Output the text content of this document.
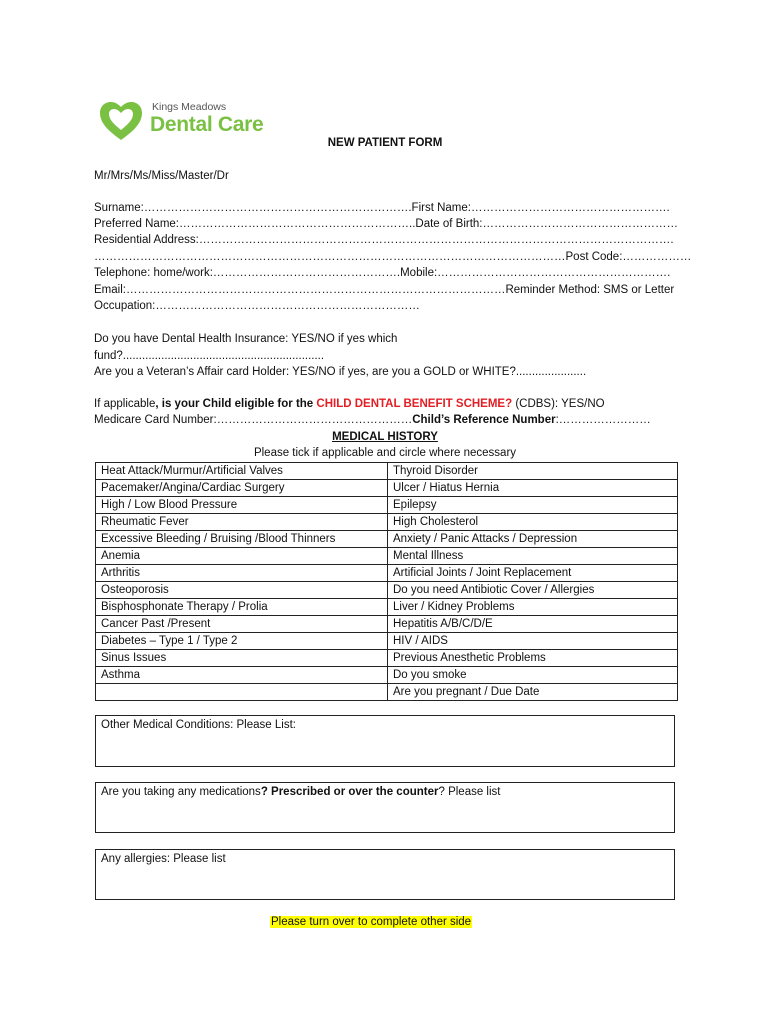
Kings Meadows
Dental Care
NEW PATIENT FORM
Mr/Mrs/Ms/Miss/Master/Dr
Surname:…………………………………………………………….First Name:…………………………………………….
Preferred Name:……………………………………………………..Date of Birth:……………………………………………
Residential Address:…………………………………………………………………………………………………………….
……………………………………………………………………………………………………………Post Code:………………
Telephone: home/work:………………………………………….Mobile:…………………………………………………….
Email:………………………………………………………………………………………Reminder Method: SMS or Letter
Occupation:……………………………………………………………
Do you have Dental Health Insurance: YES/NO if yes which
fund?...............................................................
Are you a Veteran’s Affair card Holder: YES/NO if yes, are you a GOLD or WHITE?......................
If applicable, is your Child eligible for the CHILD DENTAL BENEFIT SCHEME? (CDBS): YES/NO
Medicare Card Number:……………………………………………Child’s Reference Number:……………………
MEDICAL HISTORY
Please tick if applicable and circle where necessary
Heat Attack/Murmur/Artificial Valves	Thyroid Disorder
Pacemaker/Angina/Cardiac Surgery	Ulcer / Hiatus Hernia
High / Low Blood Pressure	Epilepsy
Rheumatic Fever	High Cholesterol
Excessive Bleeding / Bruising /Blood Thinners	Anxiety / Panic Attacks / Depression
Anemia	Mental Illness
Arthritis	Artificial Joints / Joint Replacement
Osteoporosis	Do you need Antibiotic Cover / Allergies
Bisphosphonate Therapy / Prolia	Liver / Kidney Problems
Cancer Past /Present	Hepatitis A/B/C/D/E
Diabetes – Type 1 / Type 2	HIV / AIDS
Sinus Issues	Previous Anesthetic Problems
Asthma	Do you smoke
	Are you pregnant / Due Date
Other Medical Conditions: Please List:
Are you taking any medications? Prescribed or over the counter? Please list
Any allergies: Please list
Please turn over to complete other side
